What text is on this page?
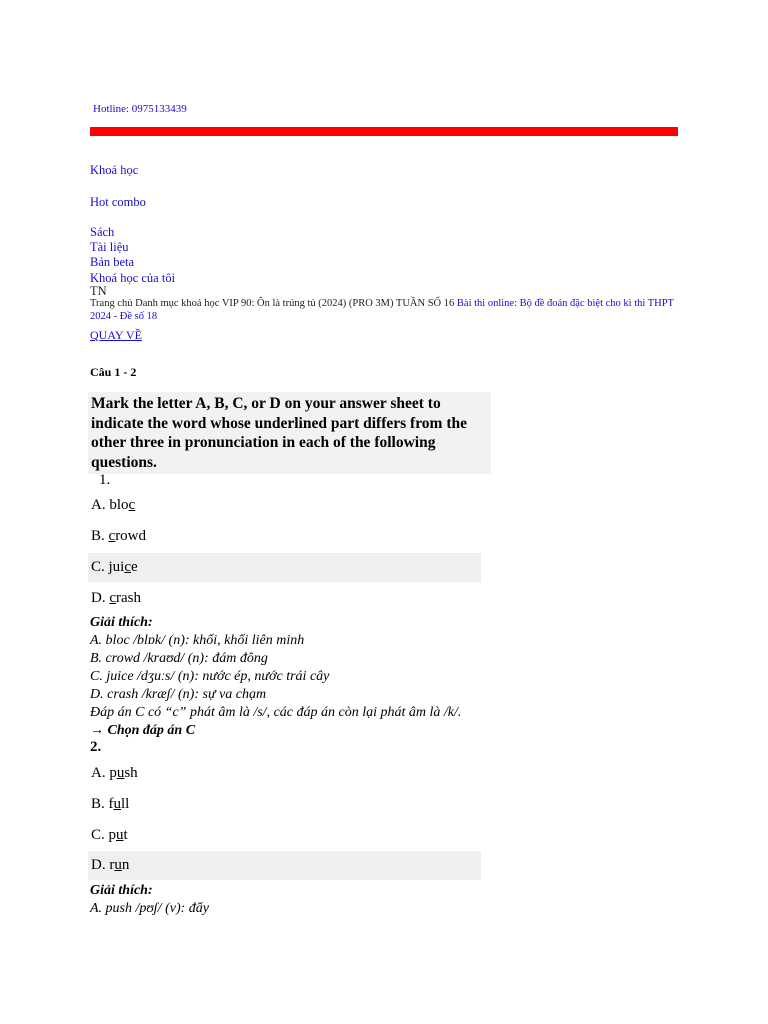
Hotline: 0975133439
Khoá học
Hot combo
Sách
Tài liệu
Bản beta
Khoá học của tôi
TN
Trang chủ Danh mục khoá học VIP 90: Ôn là trúng tủ (2024) (PRO 3M) TUẦN SỐ 16 Bài thi online: Bộ đề đoán đặc biệt cho kì thi THPT 2024 - Đề số 18
QUAY VỀ
Câu 1 - 2
Mark the letter A, B, C, or D on your answer sheet to indicate the word whose underlined part differs from the other three in pronunciation in each of the following questions.
1.
A. bloc
B. crowd
C. juice
D. crash
Giải thích:
A. bloc /blɒk/ (n): khối, khối liên minh
B. crowd /kraʊd/ (n): đám đông
C. juice /dʒuːs/ (n): nước ép, nước trái cây
D. crash /kræʃ/ (n): sự va chạm
Đáp án C có “c” phát âm là /s/, các đáp án còn lại phát âm là /k/.
→ Chọn đáp án C
2.
A. push
B. full
C. put
D. run
Giải thích:
A. push /pʊʃ/ (v): đẩy
